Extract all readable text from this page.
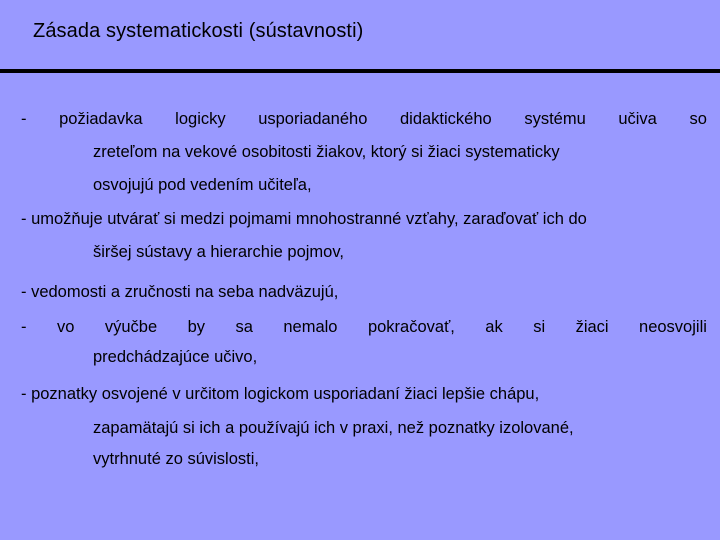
Zásada systematickosti (sústavnosti)
- požiadavka logicky usporiadaného didaktického systému učiva so
zreteľom na vekové osobitosti žiakov, ktorý si žiaci systematicky
osvojujú pod vedením učiteľa,
- umožňuje utvárať si medzi pojmami mnohostranné vzťahy, zaraďovať ich do
širšej sústavy a hierarchie pojmov,
- vedomosti a zručnosti na seba nadväzujú,
- vo výučbe by sa nemalo pokračovať, ak si žiaci neosvojili
predchádzajúce učivo,
- poznatky osvojené v určitom logickom usporiadaní žiaci lepšie chápu,
zapamätajú si ich a používajú ich v praxi, než poznatky izolované,
vytrhnuté zo súvislosti,
